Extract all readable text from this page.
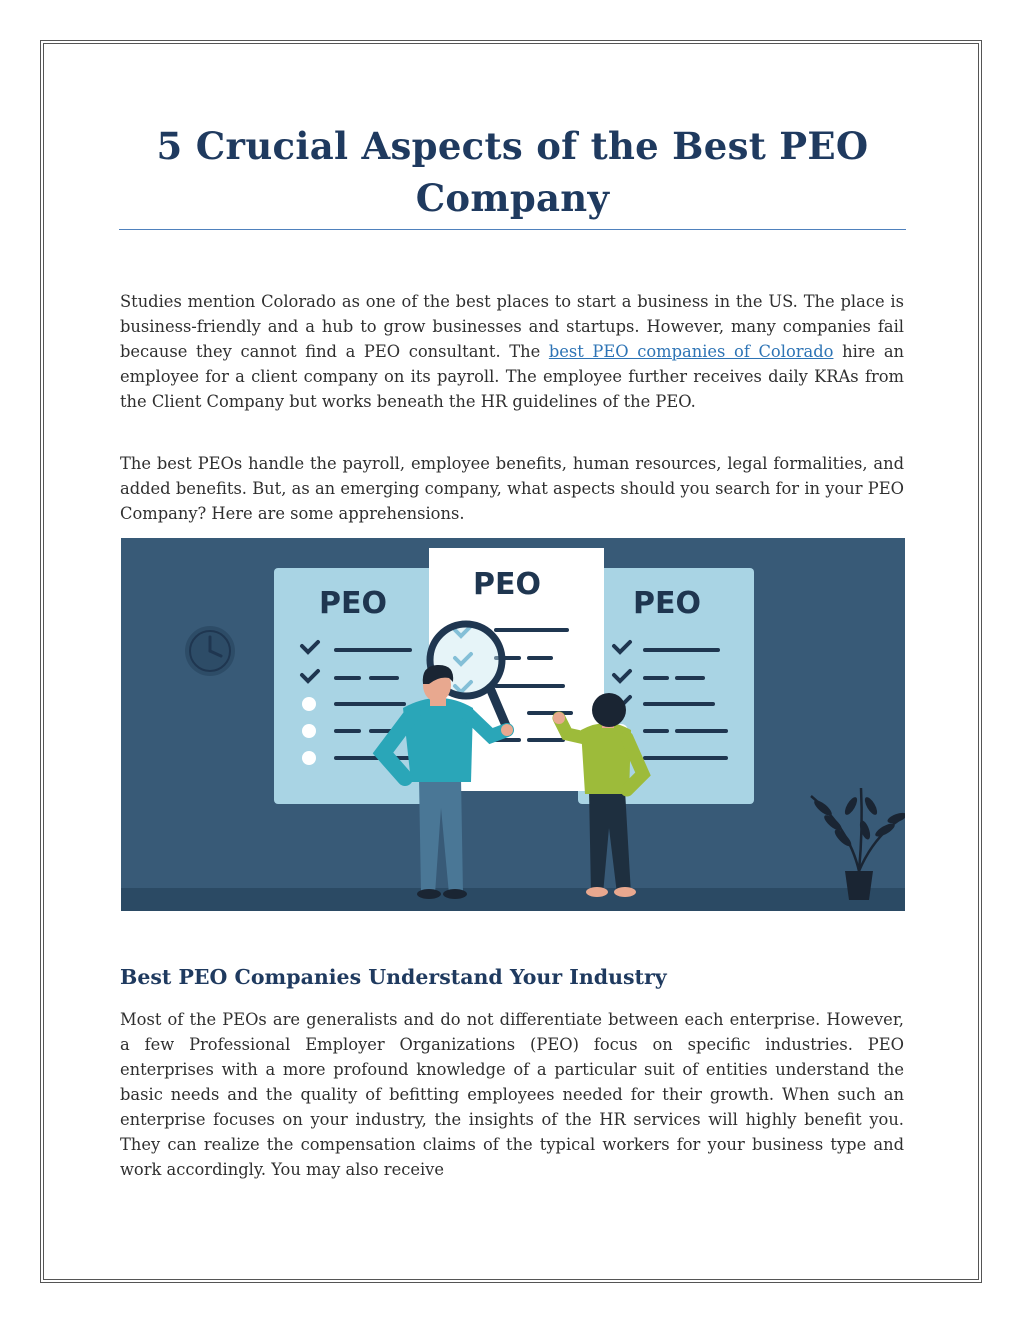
5 Crucial Aspects of the Best PEO Company

Studies mention Colorado as one of the best places to start a business in the US. The place is business-friendly and a hub to grow businesses and startups. However, many companies fail because they cannot find a PEO consultant. The best PEO companies of Colorado hire an employee for a client company on its payroll. The employee further receives daily KRAs from the Client Company but works beneath the HR guidelines of the PEO.

The best PEOs handle the payroll, employee benefits, human resources, legal formalities, and added benefits. But, as an emerging company, what aspects should you search for in your PEO Company? Here are some apprehensions.

PEO	PEO
PEO
Best PEO Companies Understand Your Industry

Most of the PEOs are generalists and do not differentiate between each enterprise. However, a few Professional Employer Organizations (PEO) focus on specific industries. PEO enterprises with a more profound knowledge of a particular suit of entities understand the basic needs and the quality of befitting employees needed for their growth. When such an enterprise focuses on your industry, the insights of the HR services will highly benefit you. They can realize the compensation claims of the typical workers for your business type and work accordingly. You may also receive
